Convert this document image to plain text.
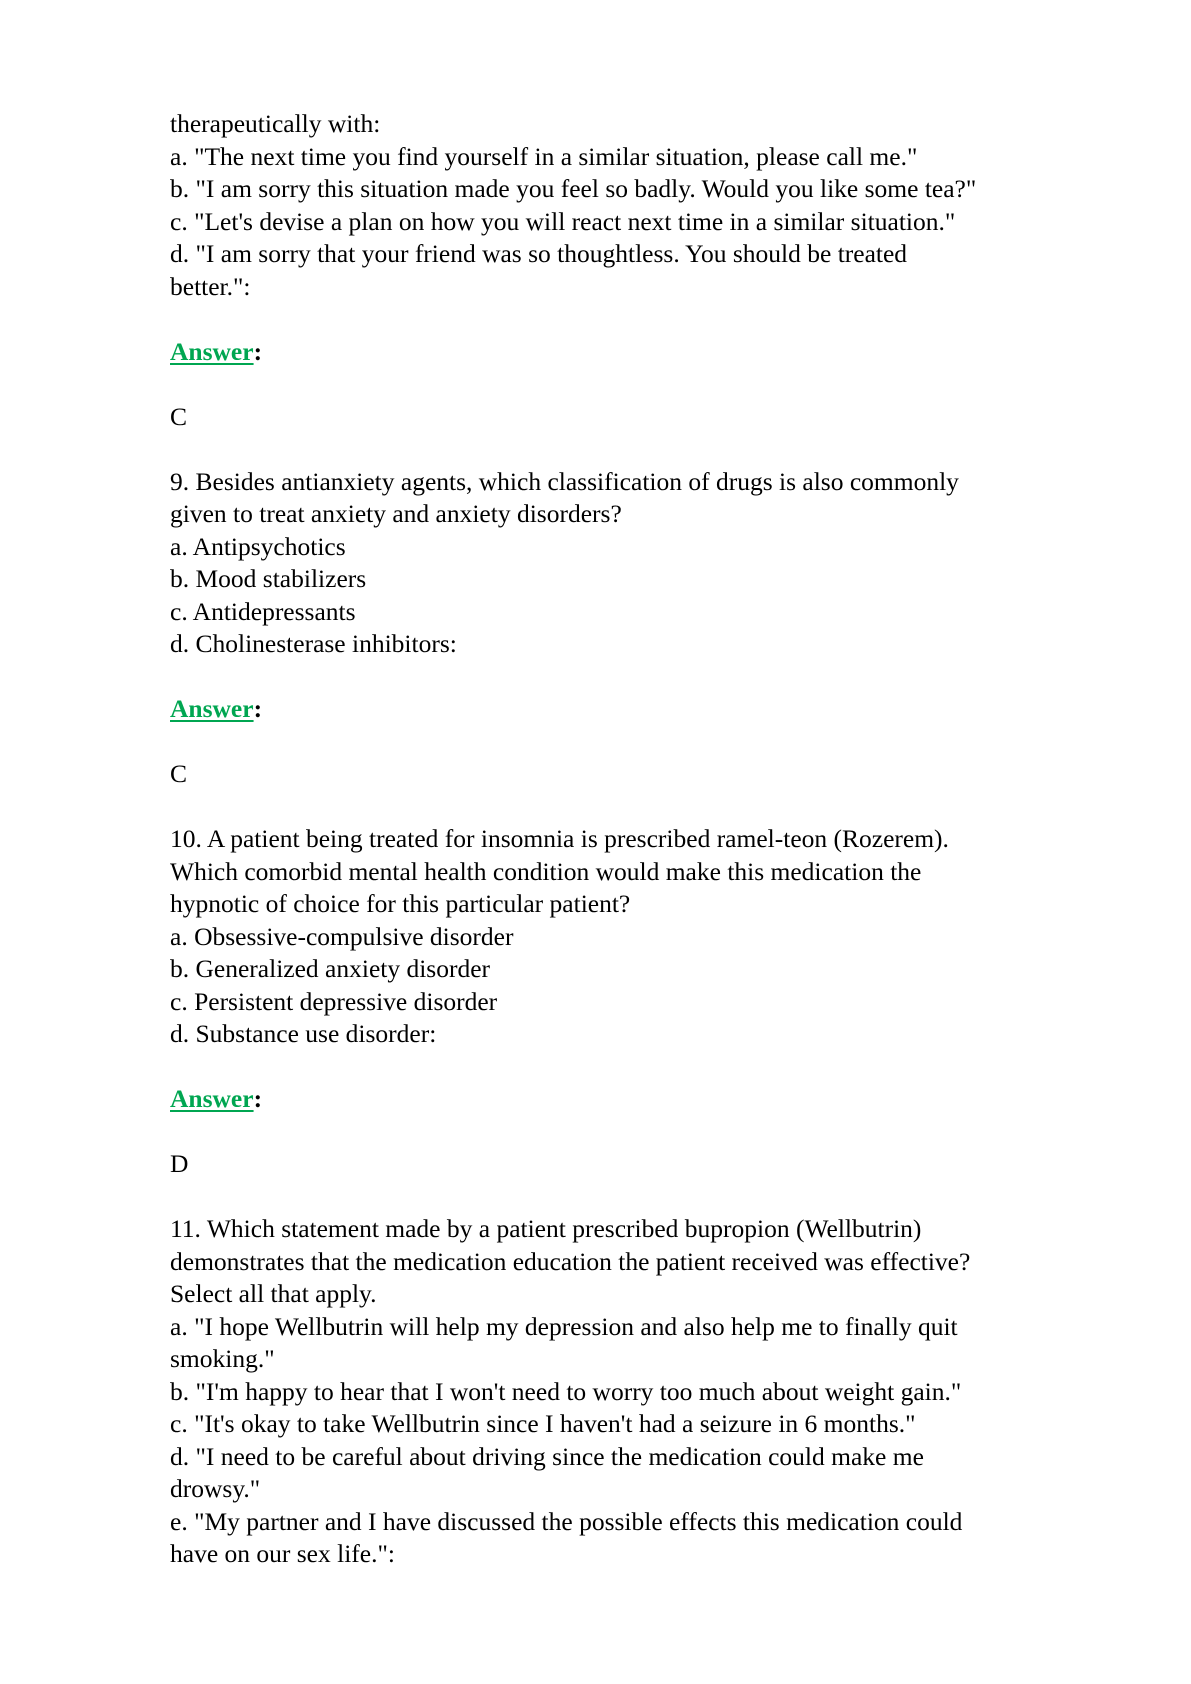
therapeutically with:

a. "The next time you find yourself in a similar situation, please call me."

b. "I am sorry this situation made you feel so badly. Would you like some tea?"

c. "Let's devise a plan on how you will react next time in a similar situation."

d. "I am sorry that your friend was so thoughtless. You should be treated

better.":

Answer:

C

9. Besides antianxiety agents, which classification of drugs is also commonly

given to treat anxiety and anxiety disorders?

a. Antipsychotics

b. Mood stabilizers

c. Antidepressants

d. Cholinesterase inhibitors:

Answer:

C

10. A patient being treated for insomnia is prescribed ramel-teon (Rozerem).

Which comorbid mental health condition would make this medication the

hypnotic of choice for this particular patient?

a. Obsessive-compulsive disorder

b. Generalized anxiety disorder

c. Persistent depressive disorder

d. Substance use disorder:

Answer:

D

11. Which statement made by a patient prescribed bupropion (Wellbutrin)

demonstrates that the medication education the patient received was effective?

Select all that apply.

a. "I hope Wellbutrin will help my depression and also help me to finally quit

smoking."

b. "I'm happy to hear that I won't need to worry too much about weight gain."

c. "It's okay to take Wellbutrin since I haven't had a seizure in 6 months."

d. "I need to be careful about driving since the medication could make me

drowsy."

e. "My partner and I have discussed the possible effects this medication could

have on our sex life.":
